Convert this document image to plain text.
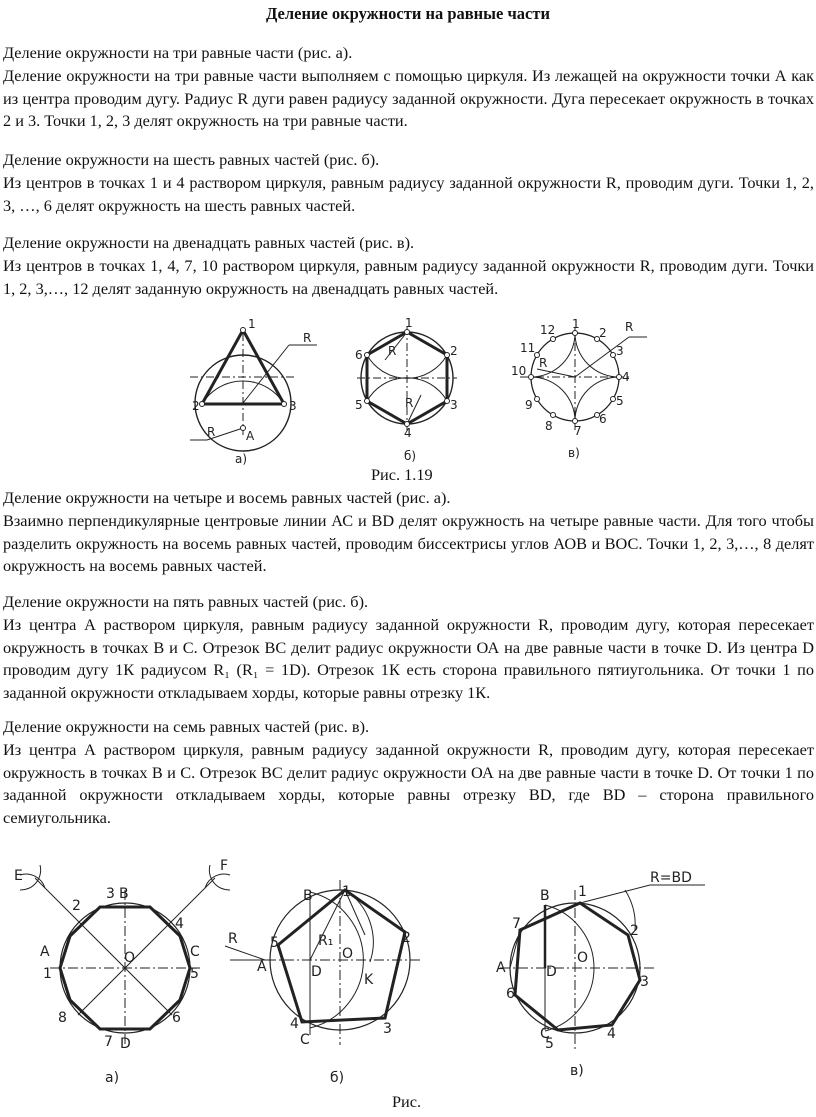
Деление окружности на равные части

Деление окружности на три равные части (рис. а).

Деление окружности на три равные части выполняем с помощью циркуля. Из лежащей на окружности точки А как из центра проводим дугу. Радиус R дуги равен радиусу заданной окружности. Дуга пересекает окружность в точках 2 и 3. Точки 1, 2, 3 делят окружность на три равные части.

Деление окружности на шесть равных частей (рис. б).

Из центров в точках 1 и 4 раствором циркуля, равным радиусу заданной окружности R, проводим дуги. Точки 1, 2, 3, …, 6 делят окружность на шесть равных частей.

Деление окружности на двенадцать равных частей (рис. в).

Из центров в точках 1, 4, 7, 10 раствором циркуля, равным радиусу заданной окружности R, проводим дуги. Точки 1, 2, 3,…, 12 делят заданную окружность на двенадцать равных частей.

1
2	3
A
R
R
а)
1
2
3
4
5
6 R
R
б)
1
2
3
4
5
6
7
8
9
10
11
12	R
R
в)
Рис. 1.19

Деление окружности на четыре и восемь равных частей (рис. а).

Взаимно перпендикулярные центровые линии АС и ВD делят окружность на четыре равные части. Для того чтобы разделить окружность на восемь равных частей, проводим биссектрисы углов АОВ и ВОС. Точки 1, 2, 3,…, 8 делят окружность на восемь равных частей.

Деление окружности на пять равных частей (рис. б).

Из центра А раствором циркуля, равным радиусу заданной окружности R, проводим дугу, которая пересекает окружность в точках В и С. Отрезок ВС делит радиус окружности ОА на две равные части в точке D. Из центра D проводим дугу 1К радиусом R₁ (R₁ = 1D). Отрезок 1К есть сторона правильного пятиугольника. От точки 1 по заданной окружности откладываем хорды, которые равны отрезку 1К.

Деление окружности на семь равных частей (рис. в).

Из центра А раствором циркуля, равным радиусу заданной окружности R, проводим дугу, которая пересекает окружность в точках В и С. Отрезок ВС делит радиус окружности ОА на две равные части в точке D. От точки 1 по заданной окружности откладываем хорды, которые равны отрезку ВD, где ВD – сторона правильного семиугольника.

E
F
2
3 B
4
A
1
C
5
O
8	6
7 D
а)
B 1
2
R 5
A
R₁
O
D	K
4
C
3
б)
R=BD
B 1
7	2
O
A	D
3
6
C
5
4
в)
Рис.
